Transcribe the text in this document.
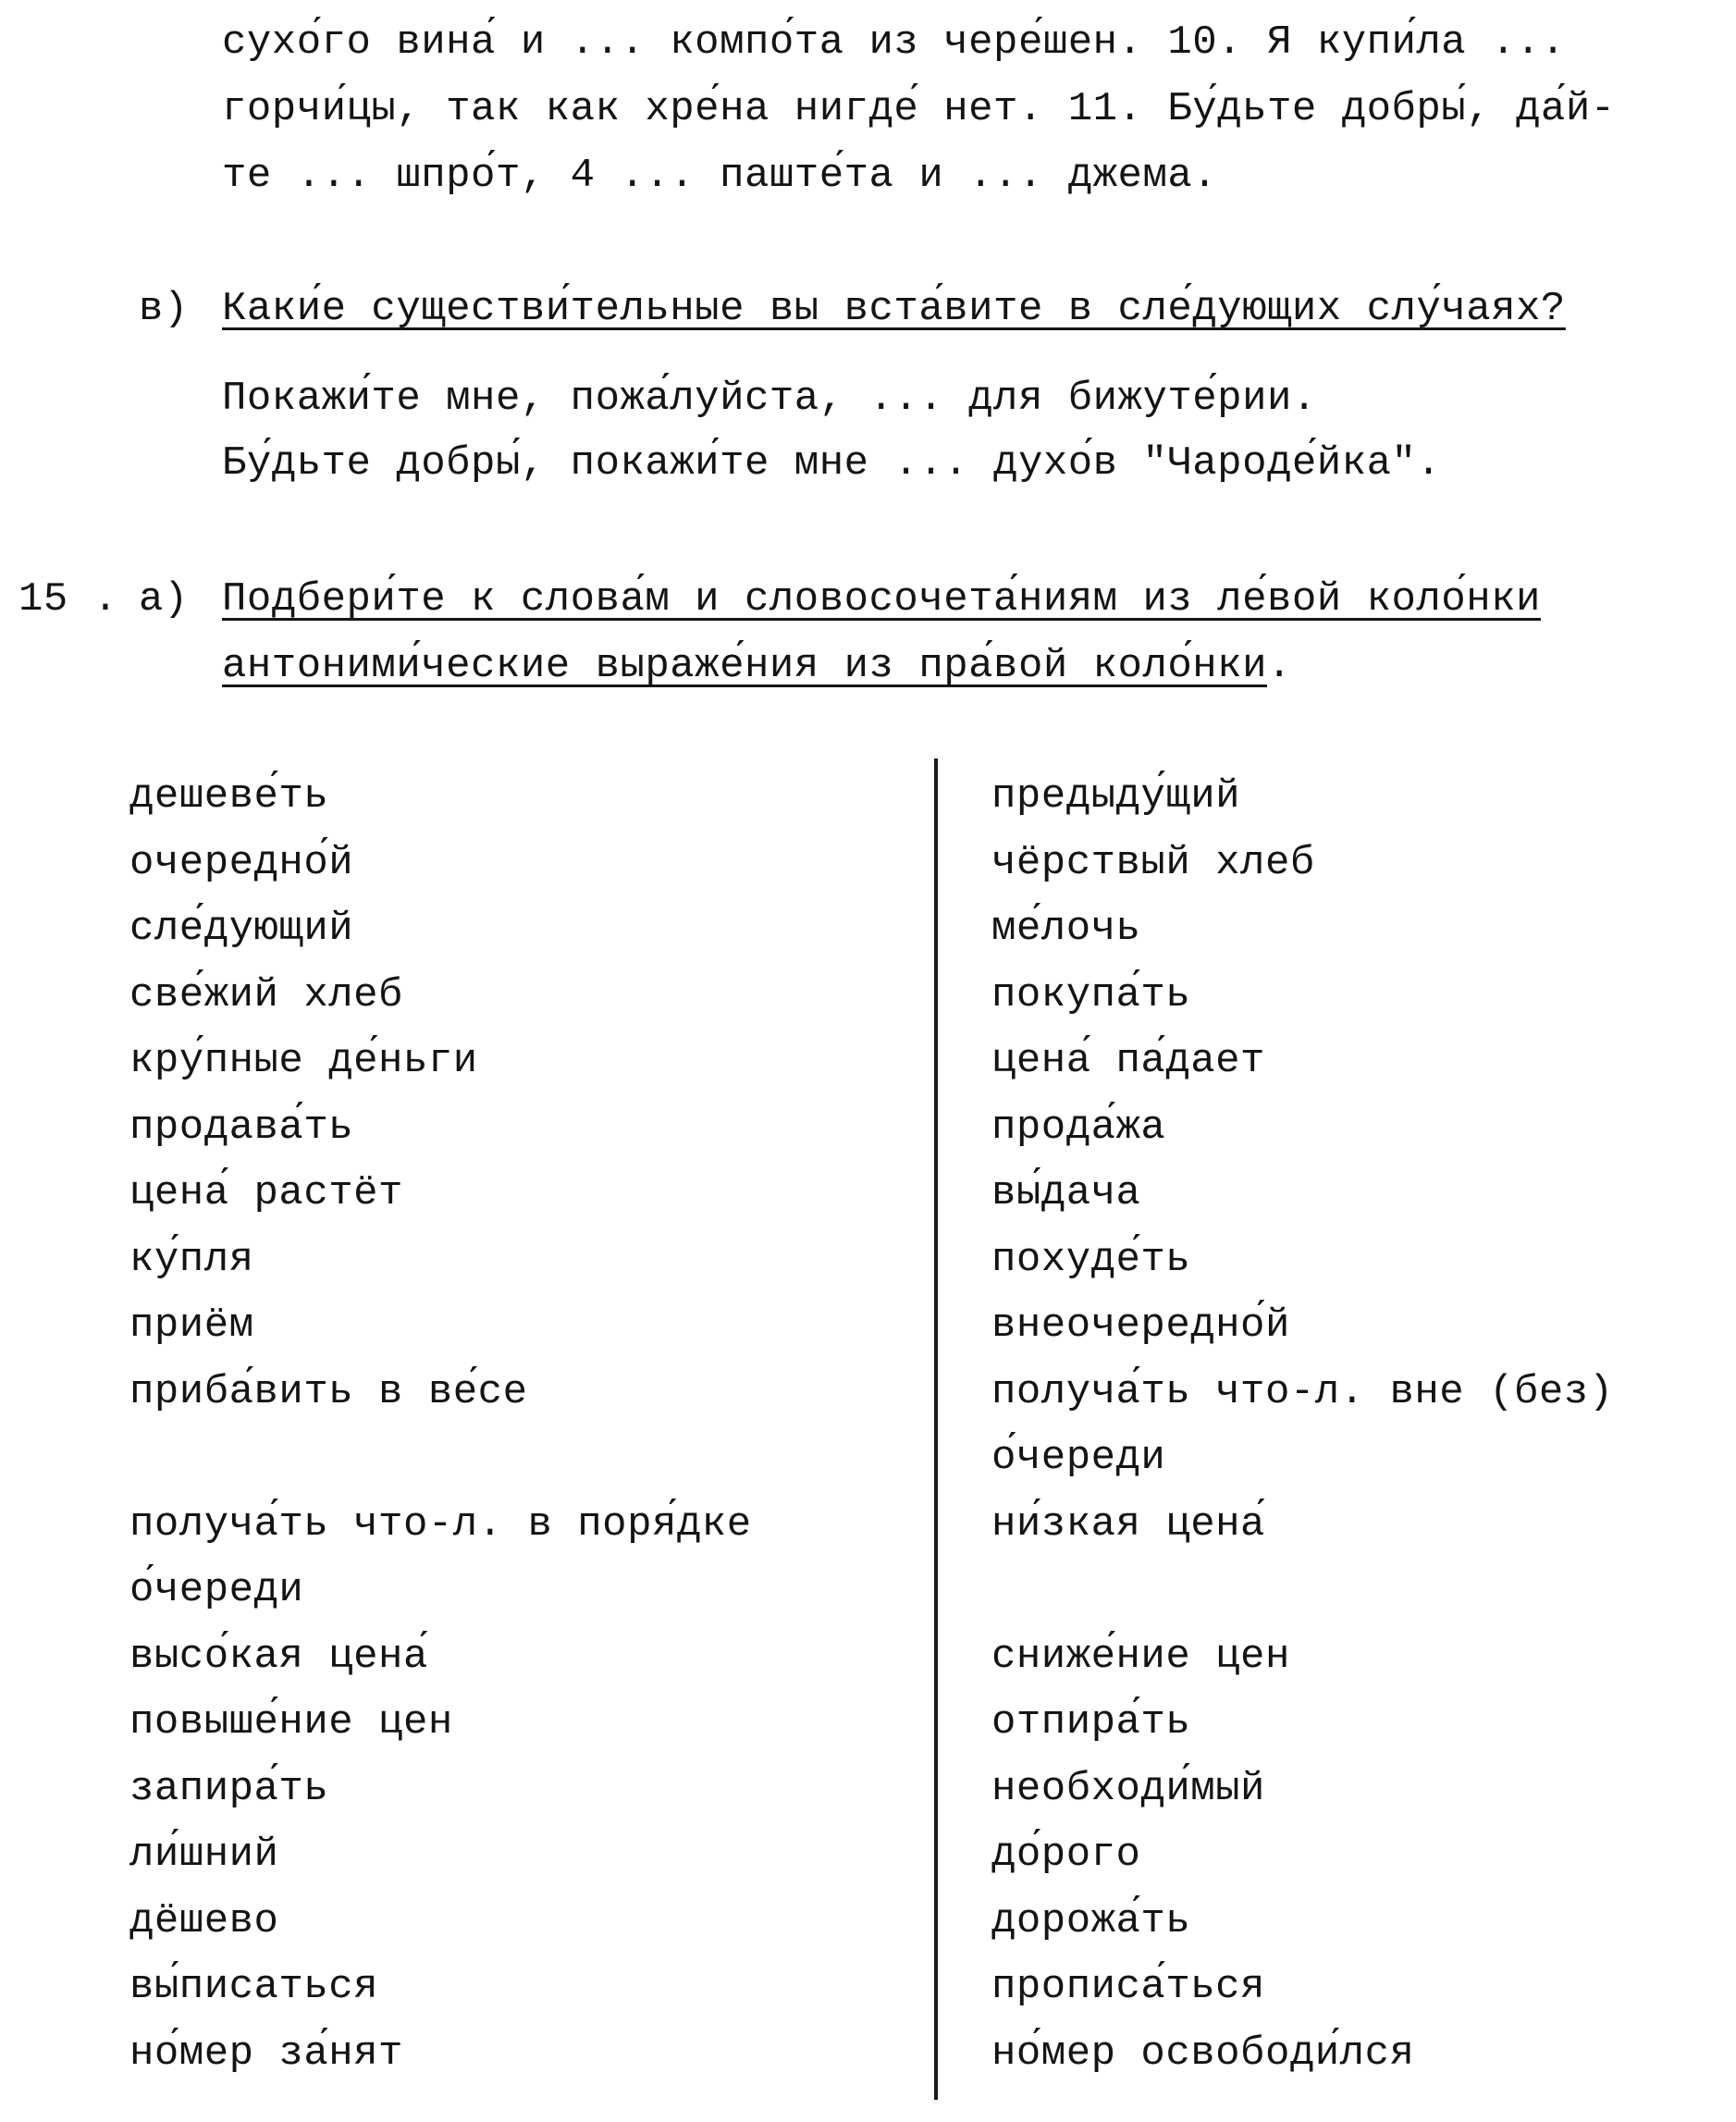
сухо́го вина́ и ... компо́та из чере́шен. 10. Я купи́ла ...
горчи́цы, так как хре́на нигде́ нет. 11. Бу́дьте добры́, да́й-
те ... шпро́т, 4 ... паште́та и ... джема.
в) Каки́е существи́тельные вы вста́вите в сле́дующих слу́чаях?
Покажи́те мне, пожа́луйста, ... для бижуте́рии.
Бу́дьте добры́, покажи́те мне ... духо́в "Чароде́йка".
15 . а) Подбери́те к слова́м и словосочета́ниям из ле́вой коло́нки
антоними́ческие выраже́ния из пра́вой коло́нки.
дешеве́ть
очередно́й
сле́дующий
све́жий хлеб
кру́пные де́ньги
продава́ть
цена́ растёт
ку́пля
приём
приба́вить в ве́се
получа́ть что-л. в поря́дке
о́череди
высо́кая цена́
повыше́ние цен
запира́ть
ли́шний
дёшево
вы́писаться
но́мер за́нят
предыду́щий
чёрствый хлеб
ме́лочь
покупа́ть
цена́ па́дает
прода́жа
вы́дача
похуде́ть
внеочередно́й
получа́ть что-л. вне (без)
о́череди
ни́зкая цена́
сниже́ние цен
отпира́ть
необходи́мый
до́рого
дорожа́ть
прописа́ться
но́мер освободи́лся
